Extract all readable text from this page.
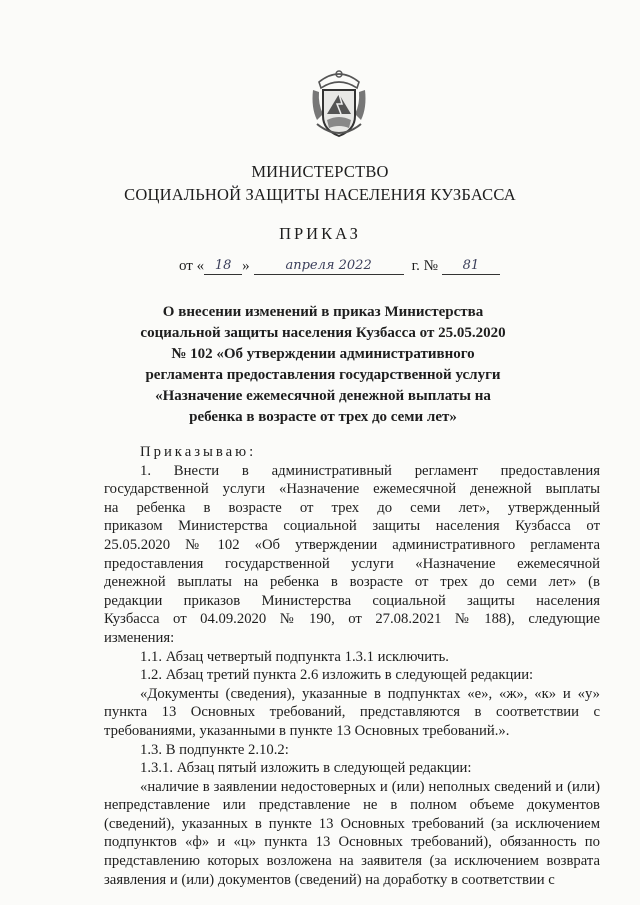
МИНИСТЕРСТВО
СОЦИАЛЬНОЙ ЗАЩИТЫ НАСЕЛЕНИЯ КУЗБАССА
ПРИКАЗ
от « 18 »	апреля 2022	г. № 81
О внесении изменений в приказ Министерства
социальной защиты населения Кузбасса от 25.05.2020
№ 102 «Об утверждении административного
регламента предоставления государственной услуги
«Назначение ежемесячной денежной выплаты на
ребенка в возрасте от трех до семи лет»

Приказываю:

1. Внести в административный регламент предоставления государственной услуги «Назначение ежемесячной денежной выплаты на ребенка в возрасте от трех до семи лет», утвержденный приказом Министерства социальной защиты населения Кузбасса от 25.05.2020 № 102 «Об утверждении административного регламента предоставления государственной услуги «Назначение ежемесячной денежной выплаты на ребенка в возрасте от трех до семи лет» (в редакции приказов Министерства социальной защиты населения Кузбасса от 04.09.2020 № 190, от 27.08.2021 № 188), следующие изменения:

1.1. Абзац четвертый подпункта 1.3.1 исключить.

1.2. Абзац третий пункта 2.6 изложить в следующей редакции:

«Документы (сведения), указанные в подпунктах «е», «ж», «к» и «у» пункта 13 Основных требований, представляются в соответствии с требованиями, указанными в пункте 13 Основных требований.».

1.3. В подпункте 2.10.2:

1.3.1. Абзац пятый изложить в следующей редакции:

«наличие в заявлении недостоверных и (или) неполных сведений и (или) непредставление или представление не в полном объеме документов (сведений), указанных в пункте 13 Основных требований (за исключением подпунктов «ф» и «ц» пункта 13 Основных требований), обязанность по представлению которых возложена на заявителя (за исключением возврата заявления и (или) документов (сведений) на доработку в соответствии с
